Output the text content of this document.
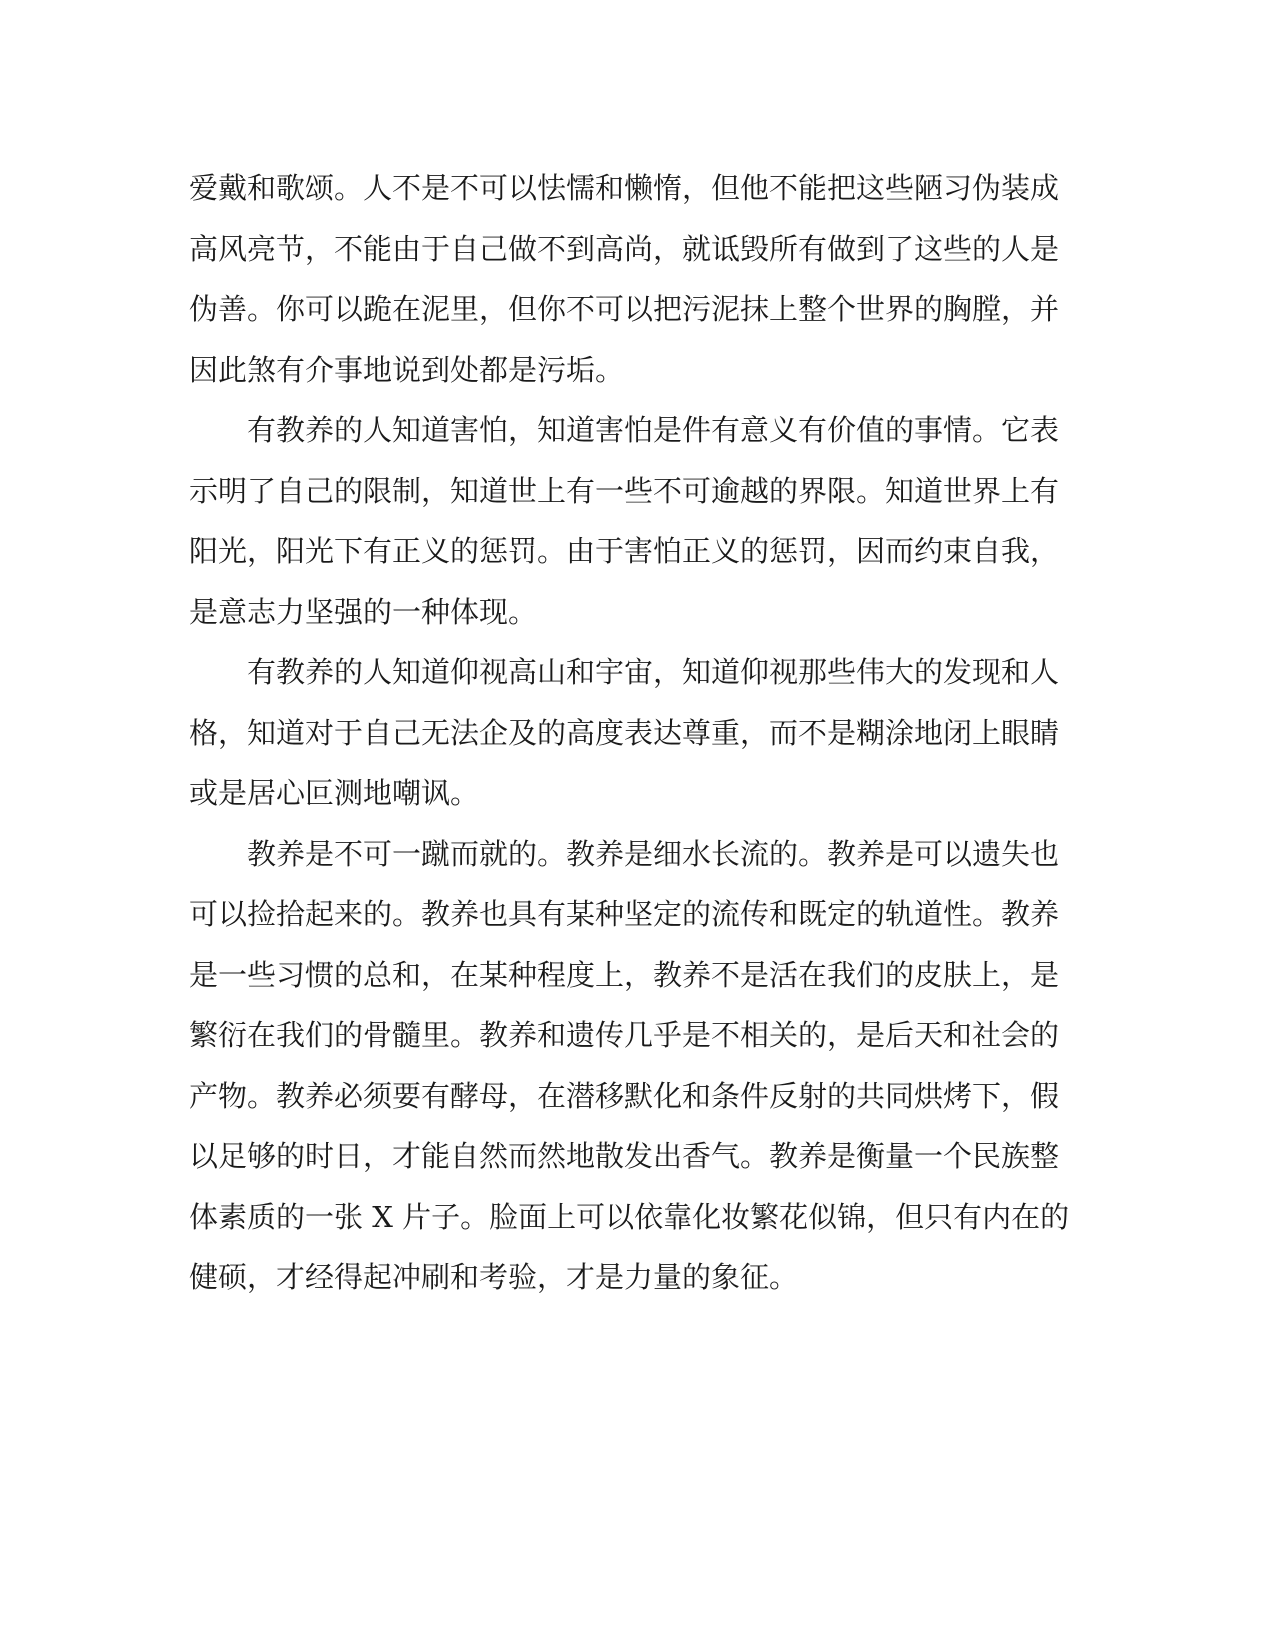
爱戴和歌颂。人不是不可以怯懦和懒惰，但他不能把这些陋习伪装成
高风亮节，不能由于自己做不到高尚，就诋毁所有做到了这些的人是
伪善。你可以跪在泥里，但你不可以把污泥抹上整个世界的胸膛，并
因此煞有介事地说到处都是污垢。
　　有教养的人知道害怕，知道害怕是件有意义有价值的事情。它表
示明了自己的限制，知道世上有一些不可逾越的界限。知道世界上有
阳光，阳光下有正义的惩罚。由于害怕正义的惩罚，因而约束自我，
是意志力坚强的一种体现。
　　有教养的人知道仰视高山和宇宙，知道仰视那些伟大的发现和人
格，知道对于自己无法企及的高度表达尊重，而不是糊涂地闭上眼睛
或是居心叵测地嘲讽。
　　教养是不可一蹴而就的。教养是细水长流的。教养是可以遗失也
可以捡拾起来的。教养也具有某种坚定的流传和既定的轨道性。教养
是一些习惯的总和，在某种程度上，教养不是活在我们的皮肤上，是
繁衍在我们的骨髓里。教养和遗传几乎是不相关的，是后天和社会的
产物。教养必须要有酵母，在潜移默化和条件反射的共同烘烤下，假
以足够的时日，才能自然而然地散发出香气。教养是衡量一个民族整
体素质的一张 X 片子。脸面上可以依靠化妆繁花似锦，但只有内在的
健硕，才经得起冲刷和考验，才是力量的象征。
